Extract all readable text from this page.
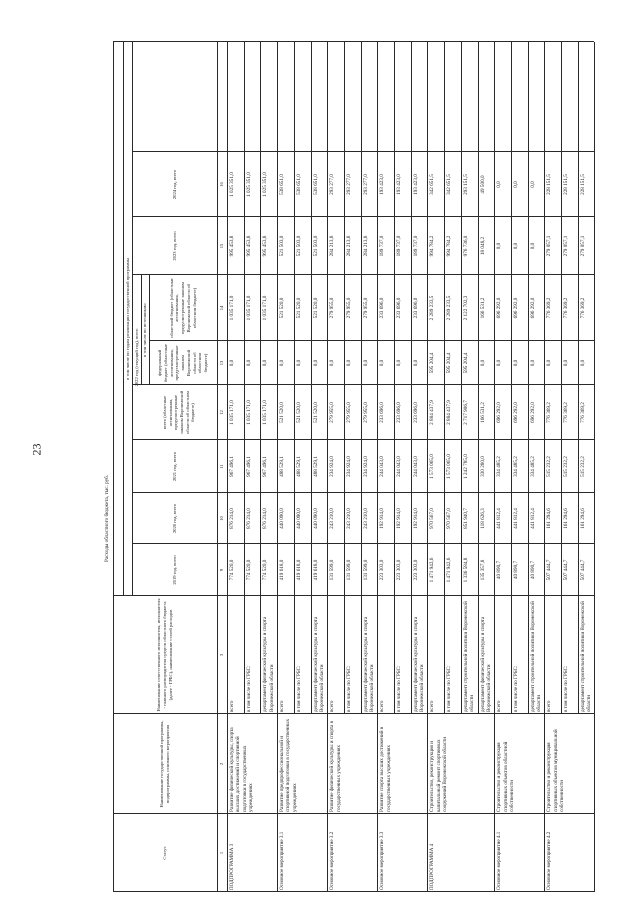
23
Расходы областного бюджета, тыс. руб.
в том числе по годам реализации государственной программы 2022 год (текущий год), всего в том числе по источникам:
Статус
Наименование государственной программы, подпрограммы, основного мероприятия
Наименование ответственного исполнителя, исполнителя - главного распорядителя средств областного бюджета (далее - ГРБС), наименование статей расходов
2019 год, всего
2020 год, всего
2021 год, всего
всего (областные ассигнования, предусмотренные законом Воронежской области об областном бюджете)
федеральный бюджет (областные ассигнования, предусмотренные законом Воронежской области об областном бюджете)
областной бюджет (областные ассигнования, предусмотренные законом Воронежской области об областном бюджете)
2023 год, всего
2024 год, всего
1
2
3
9
10
11
12
13
14
15
16
ПОДПРОГРАММА 3
Развитие физической культуры, спорта высших достижений и спортивной подготовки в государственных учреждениях
всего
774 520,0
876 214,0
967 496,1
1 035 171,0
0,0
1 035 171,0
995 453,8
1 025 351,0
в том числе по ГРБС:
774 520,0
876 214,0
967 496,1
1 035 171,0
0,0
1 035 171,0
995 453,8
1 025 351,0
департамент физической культуры и спорта Воронежской области
774 520,0
876 214,0
967 496,1
1 035 171,0
0,0
1 035 171,0
995 453,8
1 025 351,0
Основное мероприятие 3.1
Развитие предпрофессиональной и спортивной подготовки в государственных учреждениях
всего
419 618,0
440 090,0
488 529,1
521 520,0
0,0
521 520,0
521 503,0
538 651,0
в том числе по ГРБС:
419 618,0
440 090,0
488 529,1
521 520,0
0,0
521 520,0
521 503,0
538 651,0
департамент физической культуры и спорта Воронежской области
419 618,0
440 090,0
488 529,1
521 520,0
0,0
521 520,0
521 503,0
538 651,0
Основное мероприятие 3.2
Развитие физической культуры и спорта в государственных учреждениях
всего
131 599,0
243 210,0
234 924,0
279 955,0
0,0
279 955,0
284 213,8
293 277,0
в том числе по ГРБС:
131 599,0
243 210,0
234 924,0
279 955,0
0,0
279 955,0
284 213,8
293 277,0
департамент физической культуры и спорта Воронежской области
131 599,0
243 210,0
234 924,0
279 955,0
0,0
279 955,0
284 213,8
293 277,0
Основное мероприятие 3.3
Развитие спорта высших достижений в государственных учреждениях
всего
223 303,0
192 914,0
244 043,0
233 696,0
0,0
233 696,0
189 737,0
193 423,0
в том числе по ГРБС:
223 303,0
192 914,0
244 043,0
233 696,0
0,0
233 696,0
189 737,0
193 423,0
департамент физической культуры и спорта Воронежской области
223 303,0
192 914,0
244 043,0
233 696,0
0,0
233 696,0
189 737,0
193 423,0
ПОДПРОГРАММА 4
Строительство, реконструкция и капитальный ремонт спортивных сооружений Воронежской области
всего
1 471 942,6
970 567,0
1 573 065,0
2 884 437,9
595 204,4
2 289 233,5
994 784,2
342 651,5
в том числе по ГРБС:
1 471 942,6
970 567,0
1 573 065,0
2 884 437,9
595 204,4
2 289 233,5
994 784,2
342 651,5
департамент строительной политики Воронежской области
1 336 584,8
851 940,7
1 242 785,0
2 717 906,7
595 204,4
2 122 702,3
976 736,0
293 151,5
департамент физической культуры и спорта Воронежской области
135 357,8
118 626,3
330 280,0
166 531,2
0,0
166 531,2
18 048,2
49 500,0
Основное мероприятие 4.1
Строительство и реконструкция спортивных объектов областной собственности
всего
40 890,7
441 812,4
334 485,2
696 292,0
0,0
696 292,0
0,0
0,0
в том числе по ГРБС:
40 890,7
441 812,4
334 485,2
696 292,0
0,0
696 292,0
0,0
0,0
департамент строительной политики Воронежской области
40 890,7
441 812,4
334 485,2
696 292,0
0,0
696 292,0
0,0
0,0
Основное мероприятие 4.2
Строительство и реконструкция спортивных объектов муниципальной собственности
всего
507 444,7
161 294,6
515 232,2
776 369,2
0,0
776 369,2
279 057,1
228 151,5
в том числе по ГРБС:
507 444,7
161 294,6
515 232,2
776 369,2
0,0
776 369,2
279 057,1
228 151,5
департамент строительной политики Воронежской области
507 444,7
161 294,6
515 232,2
776 369,2
0,0
776 369,2
279 057,1
228 151,5
